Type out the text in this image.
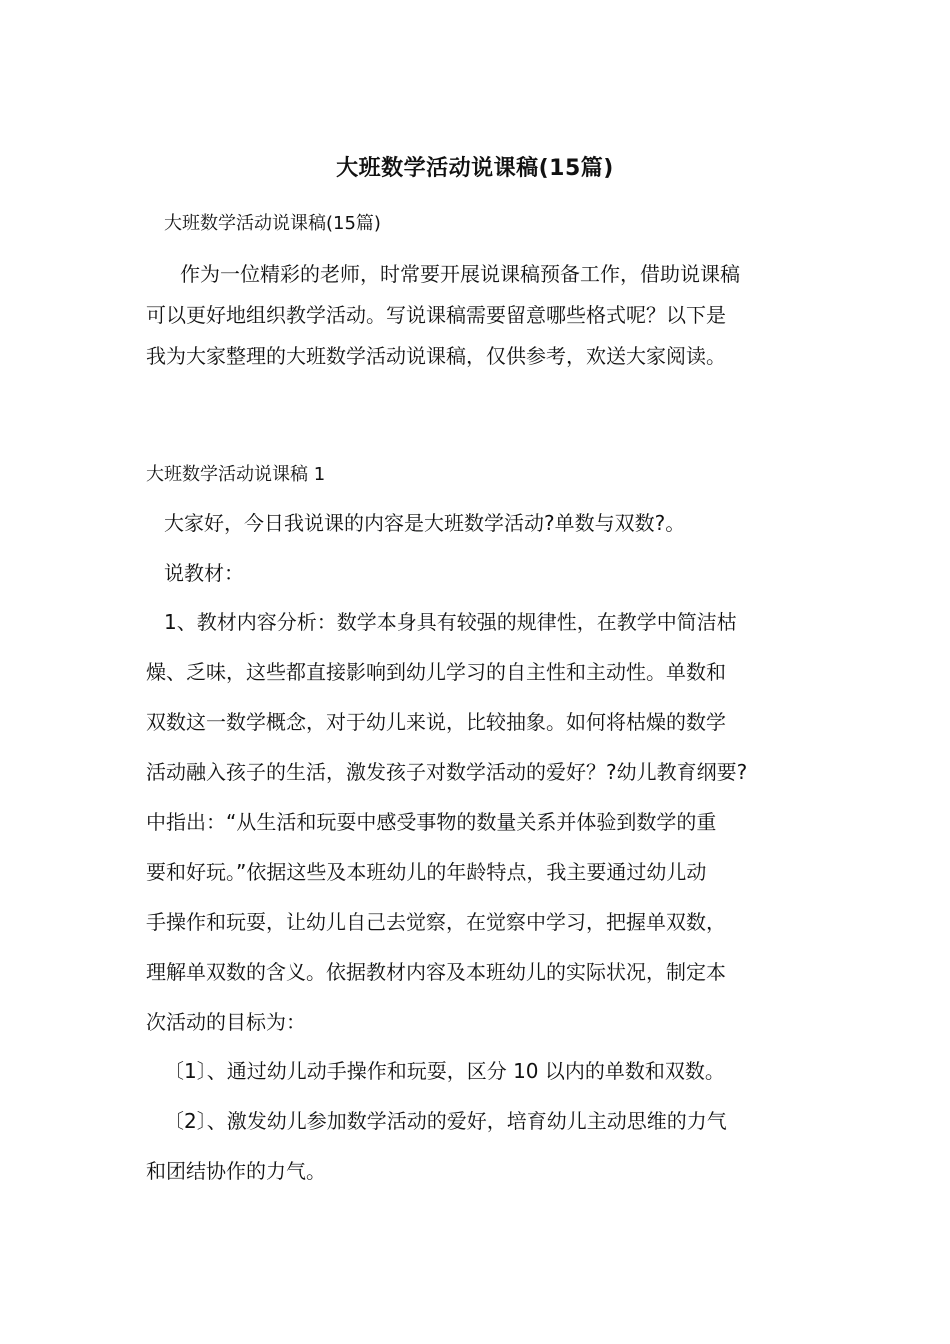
大班数学活动说课稿(15篇)
大班数学活动说课稿(15篇)
作为一位精彩的老师，时常要开展说课稿预备工作，借助说课稿
可以更好地组织教学活动。写说课稿需要留意哪些格式呢？以下是
我为大家整理的大班数学活动说课稿，仅供参考，欢送大家阅读。
大班数学活动说课稿 1
大家好，今日我说课的内容是大班数学活动?单数与双数?。
说教材：
1、教材内容分析：数学本身具有较强的规律性，在教学中简洁枯
燥、乏味，这些都直接影响到幼儿学习的自主性和主动性。单数和
双数这一数学概念，对于幼儿来说，比较抽象。如何将枯燥的数学
活动融入孩子的生活，激发孩子对数学活动的爱好？?幼儿教育纲要?
中指出：“从生活和玩耍中感受事物的数量关系并体验到数学的重
要和好玩。”依据这些及本班幼儿的年龄特点，我主要通过幼儿动
手操作和玩耍，让幼儿自己去觉察，在觉察中学习，把握单双数，
理解单双数的含义。依据教材内容及本班幼儿的实际状况，制定本
次活动的目标为：
〔1〕、通过幼儿动手操作和玩耍，区分 10 以内的单数和双数。
〔2〕、激发幼儿参加数学活动的爱好，培育幼儿主动思维的力气
和团结协作的力气。
